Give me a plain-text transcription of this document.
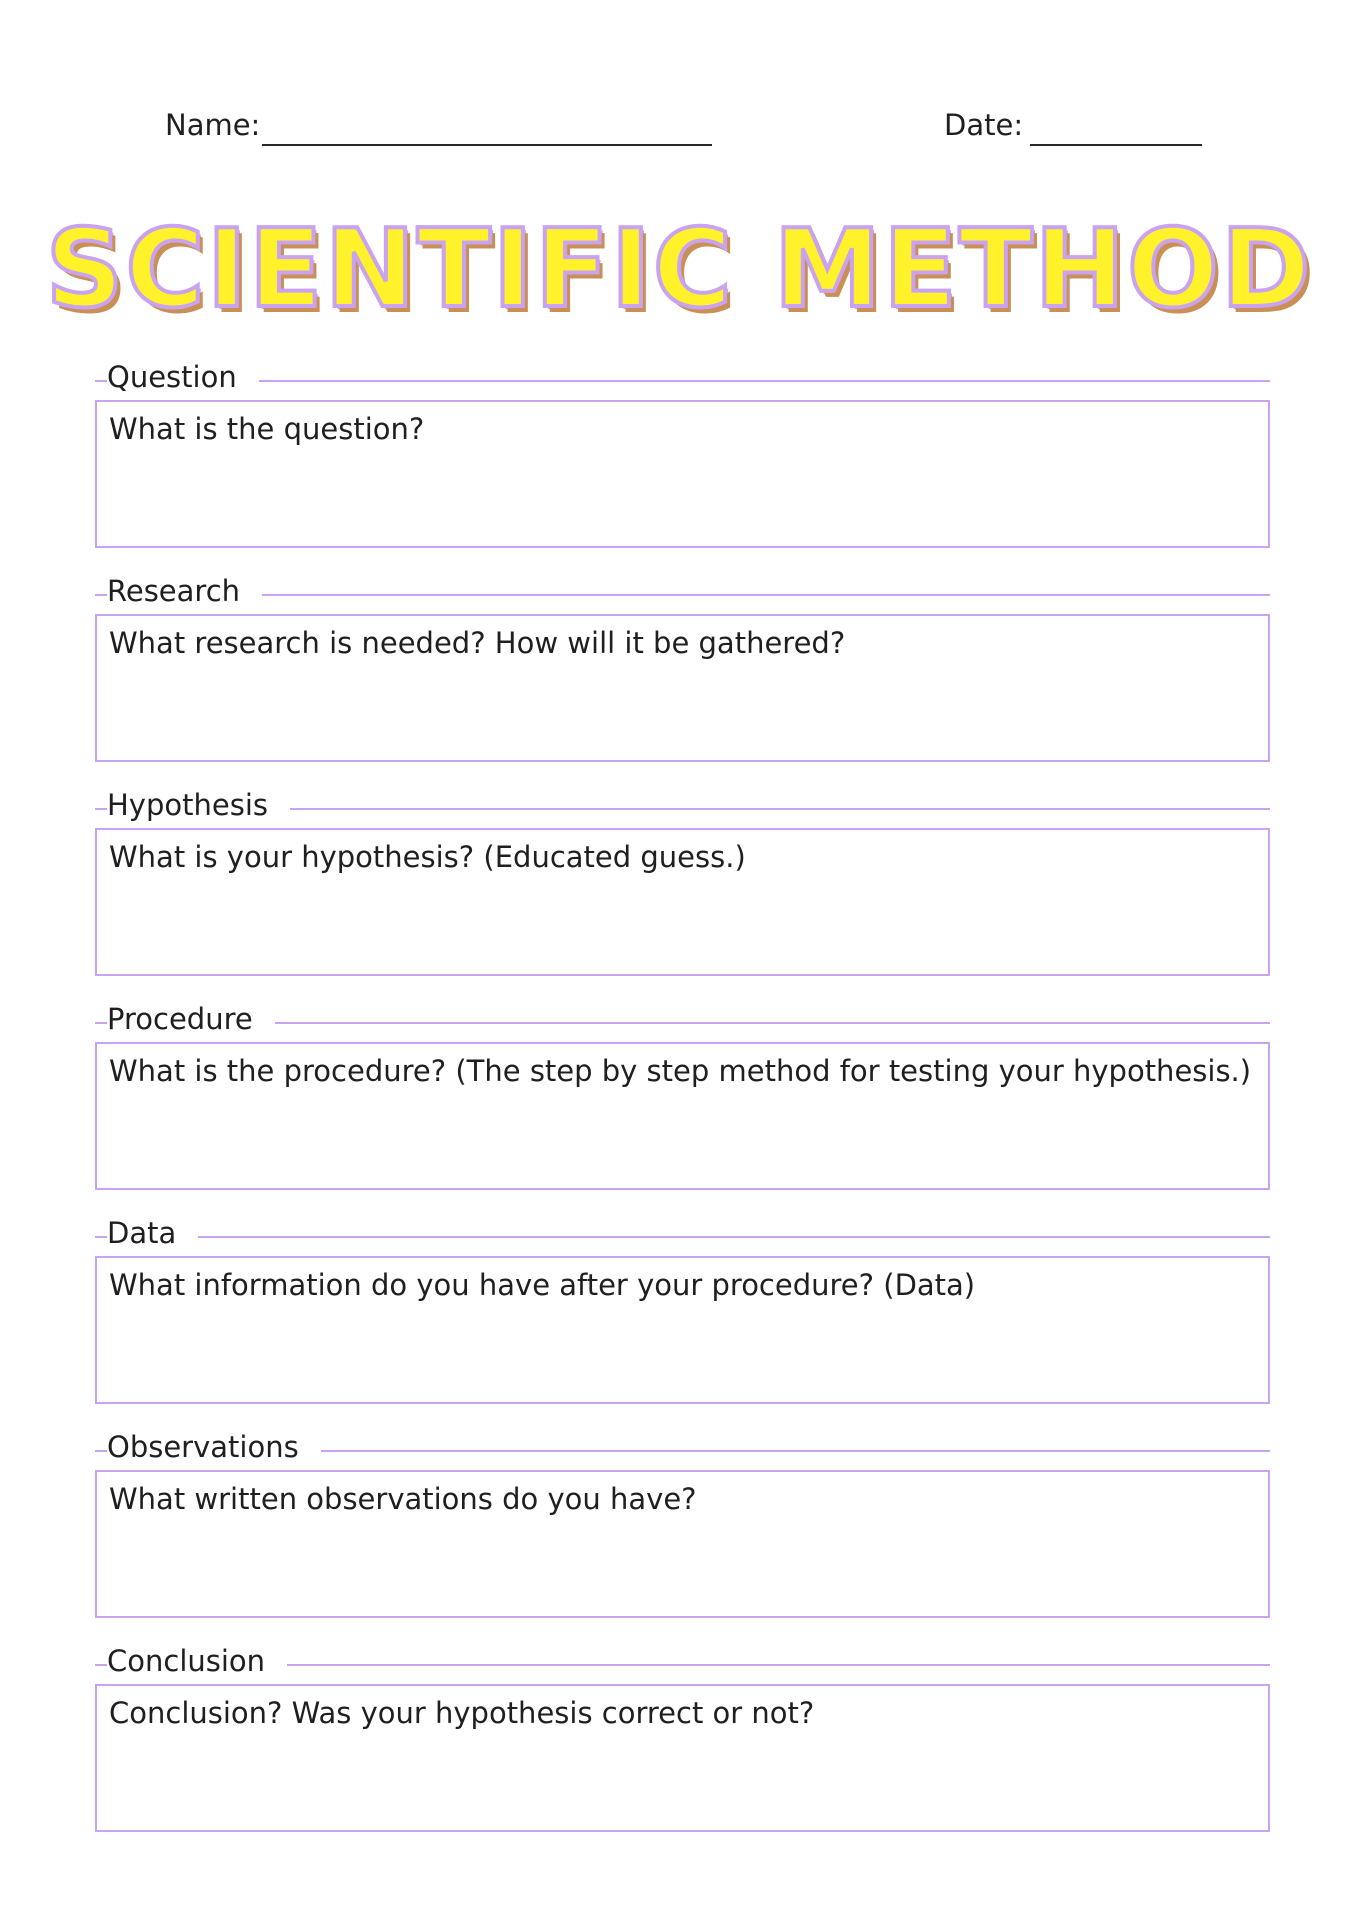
Name:	Date:
SCIENTIFIC METHOD
Question
What is the question?
Research
What research is needed? How will it be gathered?
Hypothesis
What is your hypothesis? (Educated guess.)
Procedure
What is the procedure? (The step by step method for testing your hypothesis.)
Data
What information do you have after your procedure? (Data)
Observations
What written observations do you have?
Conclusion
Conclusion? Was your hypothesis correct or not?
